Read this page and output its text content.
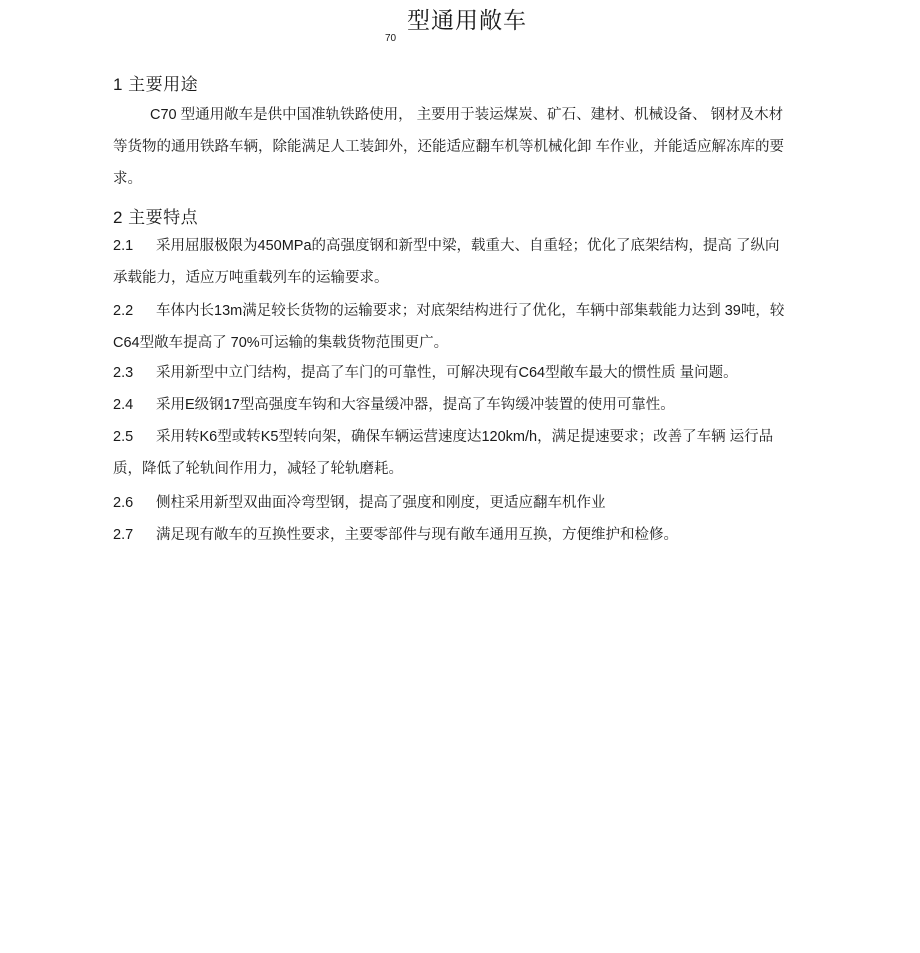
型通用敞车
70
1 主要用途
C70 型通用敞车是供中国准轨铁路使用， 主要用于装运煤炭、矿石、建材、机械设备、 钢材及木材等货物的通用铁路车辆，除能满足人工装卸外，还能适应翻车机等机械化卸 车作业，并能适应解冻库的要求。
2 主要特点
2.1 采用屈服极限为450MPa的高强度钢和新型中梁，载重大、自重轻；优化了底架结构，提高 了纵向承载能力，适应万吨重载列车的运输要求。
2.2 车体内长13m满足较长货物的运输要求；对底架结构进行了优化，车辆中部集载能力达到 39吨，较C64型敞车提高了 70%可运输的集载货物范围更广。
2.3 采用新型中立门结构，提高了车门的可靠性，可解决现有C64型敞车最大的惯性质 量问题。
2.4 采用E级钢17型高强度车钩和大容量缓冲器，提高了车钩缓冲装置的使用可靠性。
2.5 采用转K6型或转K5型转向架，确保车辆运营速度达120km/h，满足提速要求；改善了车辆 运行品质，降低了轮轨间作用力，减轻了轮轨磨耗。
2.6 侧柱采用新型双曲面冷弯型钢，提高了强度和刚度，更适应翻车机作业
2.7 满足现有敞车的互换性要求，主要零部件与现有敞车通用互换，方便维护和检修。
